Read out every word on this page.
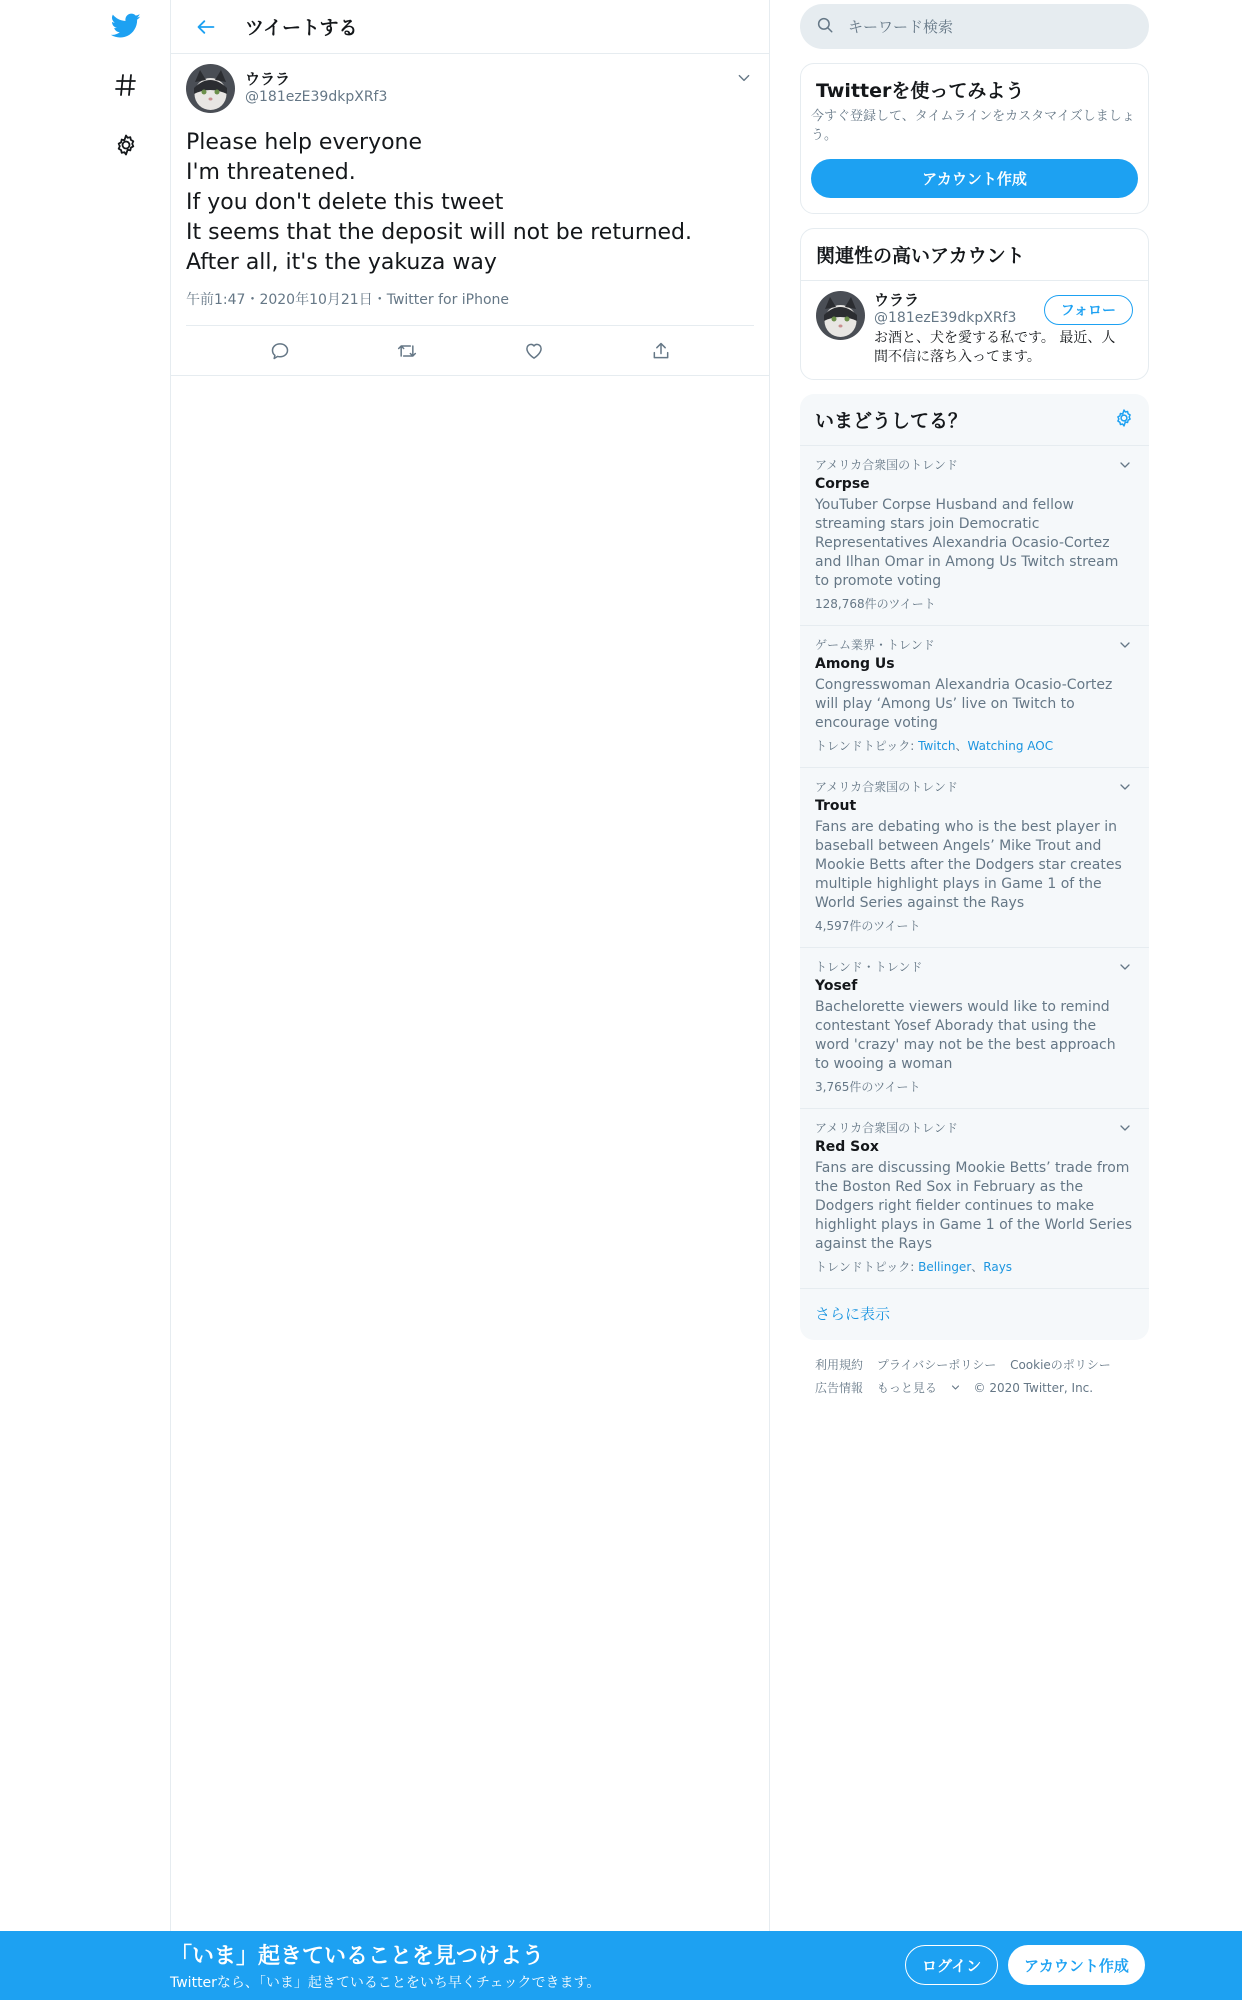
ツイートする
ウララ
@181ezE39dkpXRf3
Please help everyone
I'm threatened.
If you don't delete this tweet
It seems that the deposit will not be returned.
After all, it's the yakuza way
午前1:47・2020年10月21日・Twitter for iPhone
キーワード検索
Twitterを使ってみよう

今すぐ登録して、タイムラインをカスタマイズしましょう。

アカウント作成
関連性の高いアカウント
ウララ
@181ezE39dkpXRf3
お酒と、犬を愛する私です。 最近、人間不信に落ち入ってます。
フォロー
いまどうしてる？
アメリカ合衆国のトレンド
Corpse
YouTuber Corpse Husband and fellow streaming stars join Democratic Representatives Alexandria Ocasio-Cortez and Ilhan Omar in Among Us Twitch stream to promote voting
128,768件のツイート
ゲーム業界・トレンド
Among Us
Congresswoman Alexandria Ocasio-Cortez will play ‘Among Us’ live on Twitch to encourage voting
トレンドトピック: Twitch、Watching AOC
アメリカ合衆国のトレンド
Trout
Fans are debating who is the best player in baseball between Angels’ Mike Trout and Mookie Betts after the Dodgers star creates multiple highlight plays in Game 1 of the World Series against the Rays
4,597件のツイート
トレンド・トレンド
Yosef
Bachelorette viewers would like to remind contestant Yosef Aborady that using the word 'crazy' may not be the best approach to wooing a woman
3,765件のツイート
アメリカ合衆国のトレンド
Red Sox
Fans are discussing Mookie Betts’ trade from the Boston Red Sox in February as the Dodgers right fielder continues to make highlight plays in Game 1 of the World Series against the Rays
トレンドトピック: Bellinger、Rays
さらに表示
利用規約 プライバシーポリシー Cookieのポリシー
広告情報 もっと見る	© 2020 Twitter, Inc.
「いま」起きていることを見つけよう
Twitterなら、「いま」起きていることをいち早くチェックできます。
ログイン	アカウント作成
